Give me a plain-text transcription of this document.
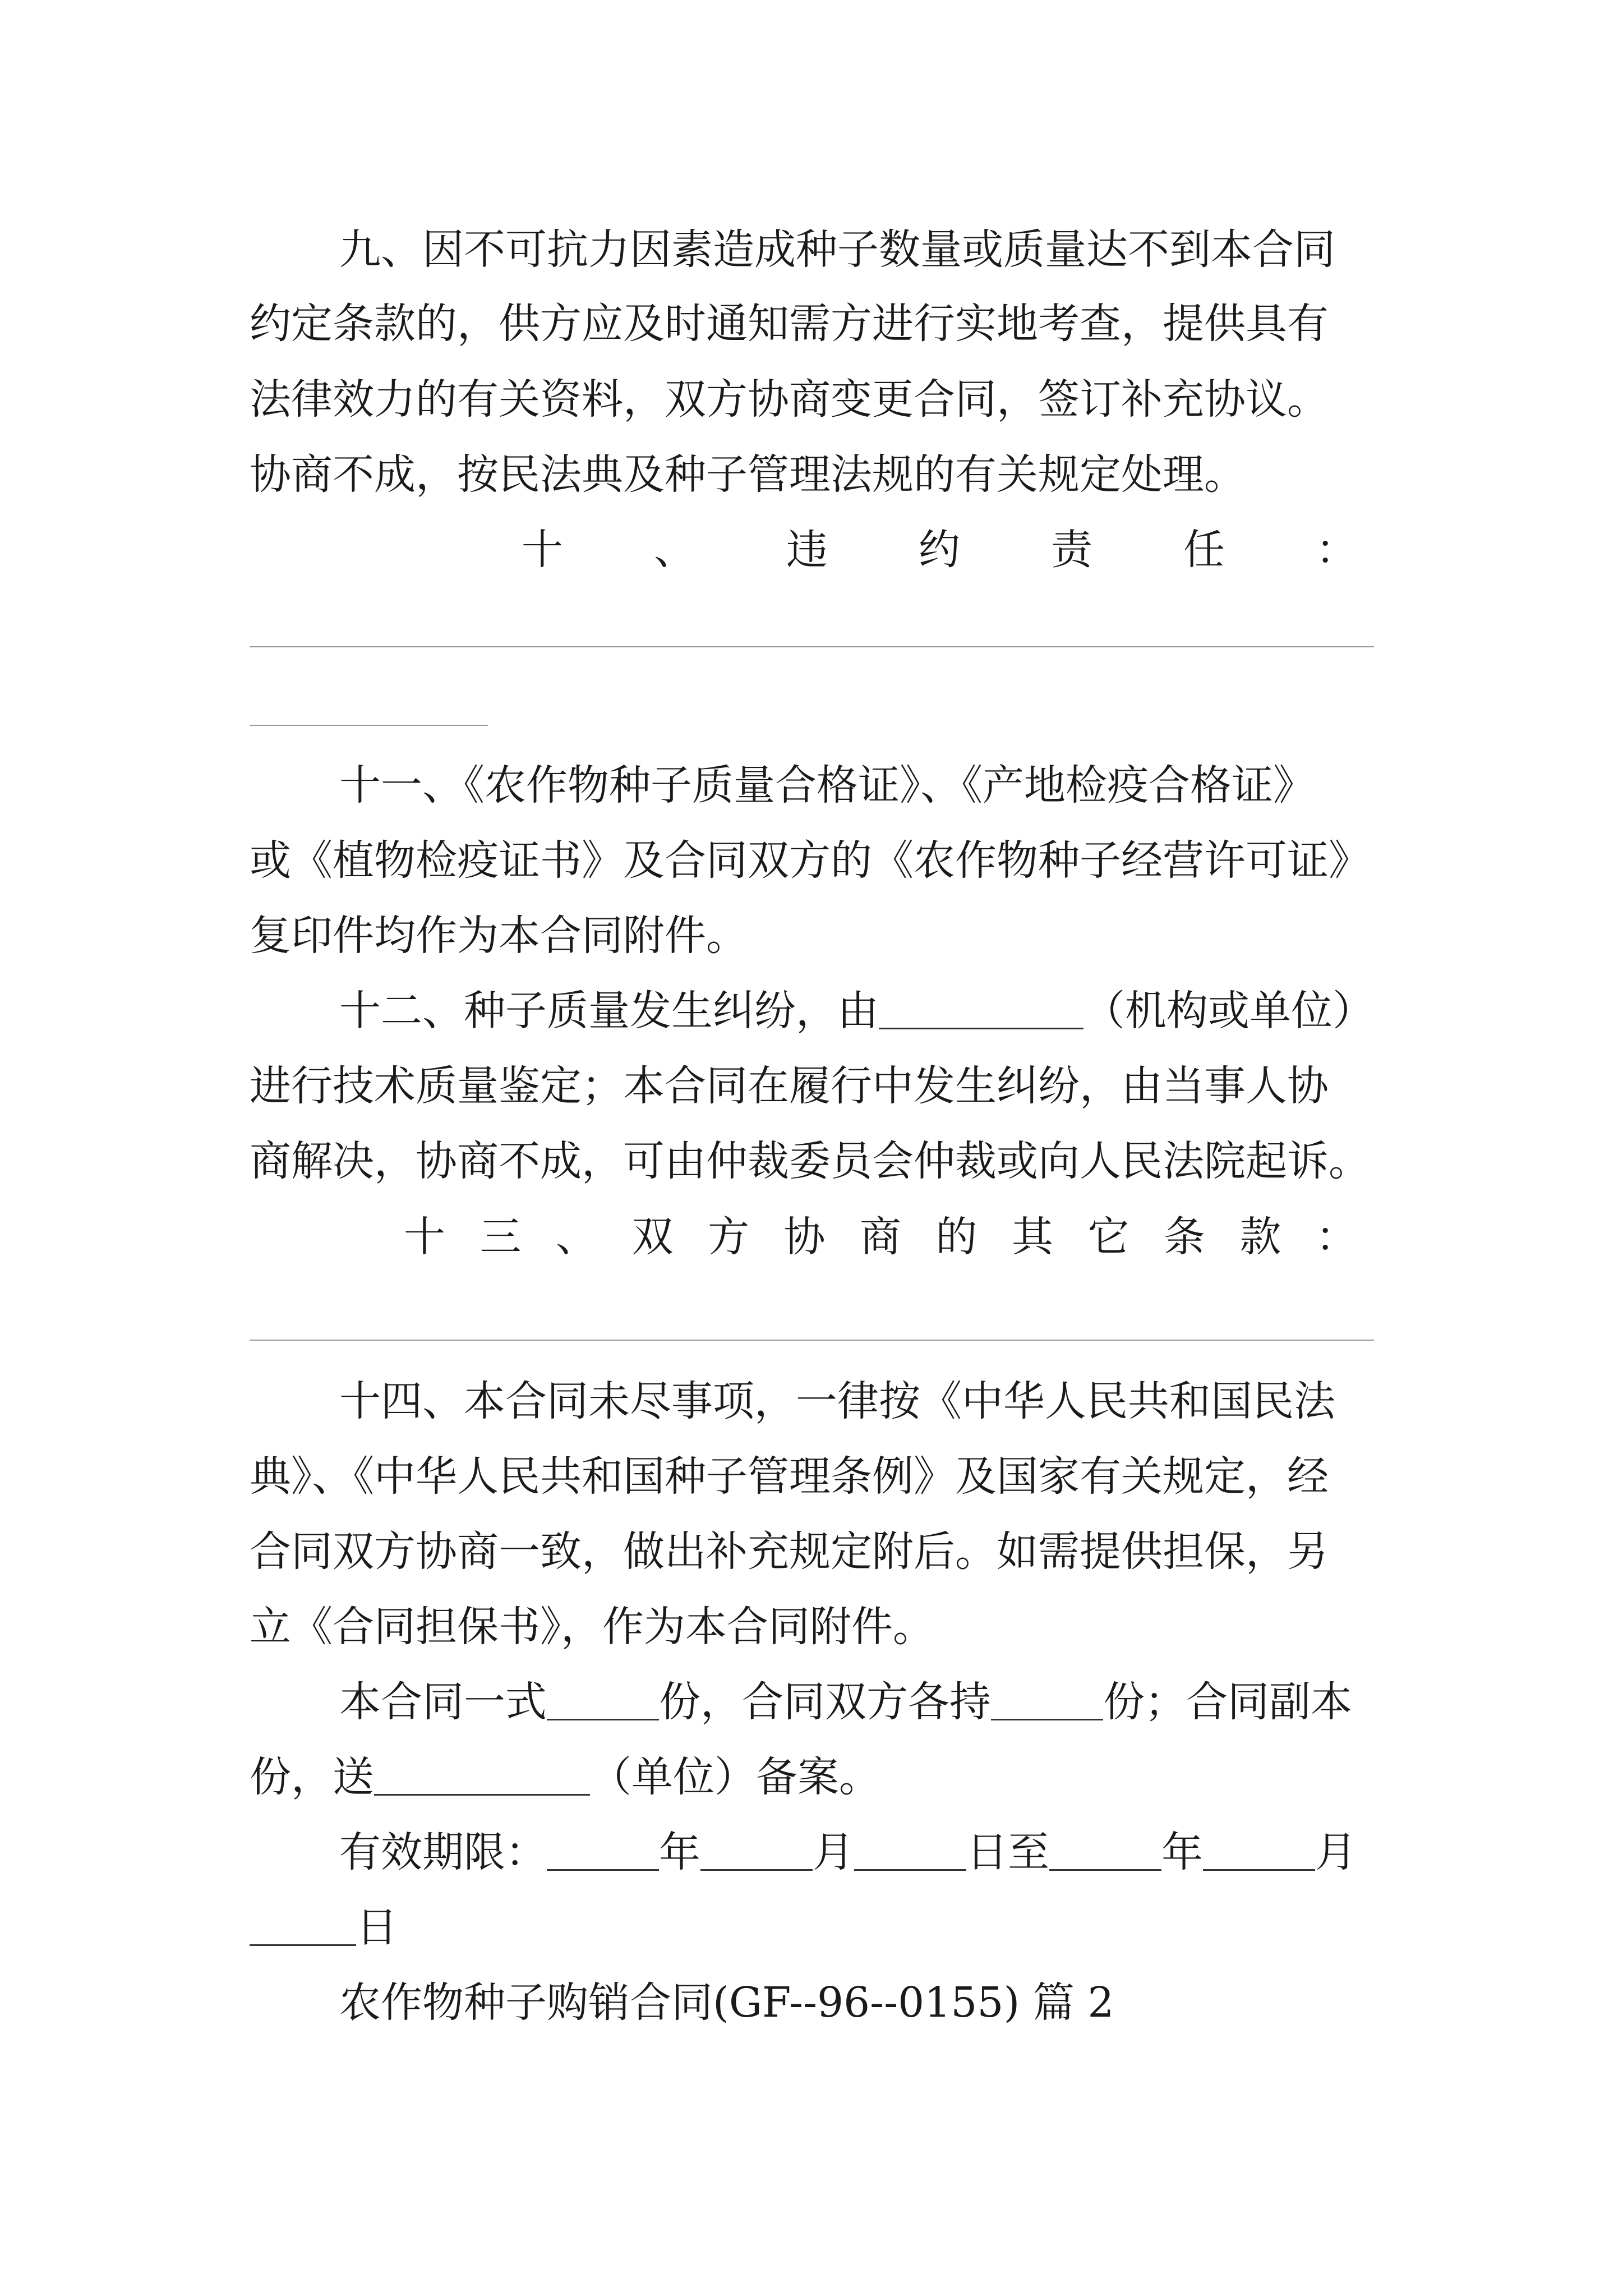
九、因不可抗力因素造成种子数量或质量达不到本合同
约定条款的，供方应及时通知需方进行实地考查，提供具有
法律效力的有关资料，双方协商变更合同，签订补充协议。
协商不成，按民法典及种子管理法规的有关规定处理。
十 、 违 约 责 任 ：
十一、《农作物种子质量合格证》、《产地检疫合格证》
或《植物检疫证书》及合同双方的《农作物种子经营许可证》
复印件均作为本合同附件。
十二、种子质量发生纠纷，由	（机构或单位）
进行技术质量鉴定；本合同在履行中发生纠纷，由当事人协
商解决，协商不成，可由仲裁委员会仲裁或向人民法院起诉。
十 三 、 双 方 协 商 的 其 它 条 款 ：
十四、本合同未尽事项，一律按《中华人民共和国民法
典》、《中华人民共和国种子管理条例》及国家有关规定，经
合同双方协商一致，做出补充规定附后。如需提供担保，另
立《合同担保书》，作为本合同附件。
本合同一式	份，合同双方各持	份；合同副本
份，送	（单位）备案。
有效期限：	年	月	日至	年	月
日
农作物种子购销合同(GF--96--0155) 篇 2
